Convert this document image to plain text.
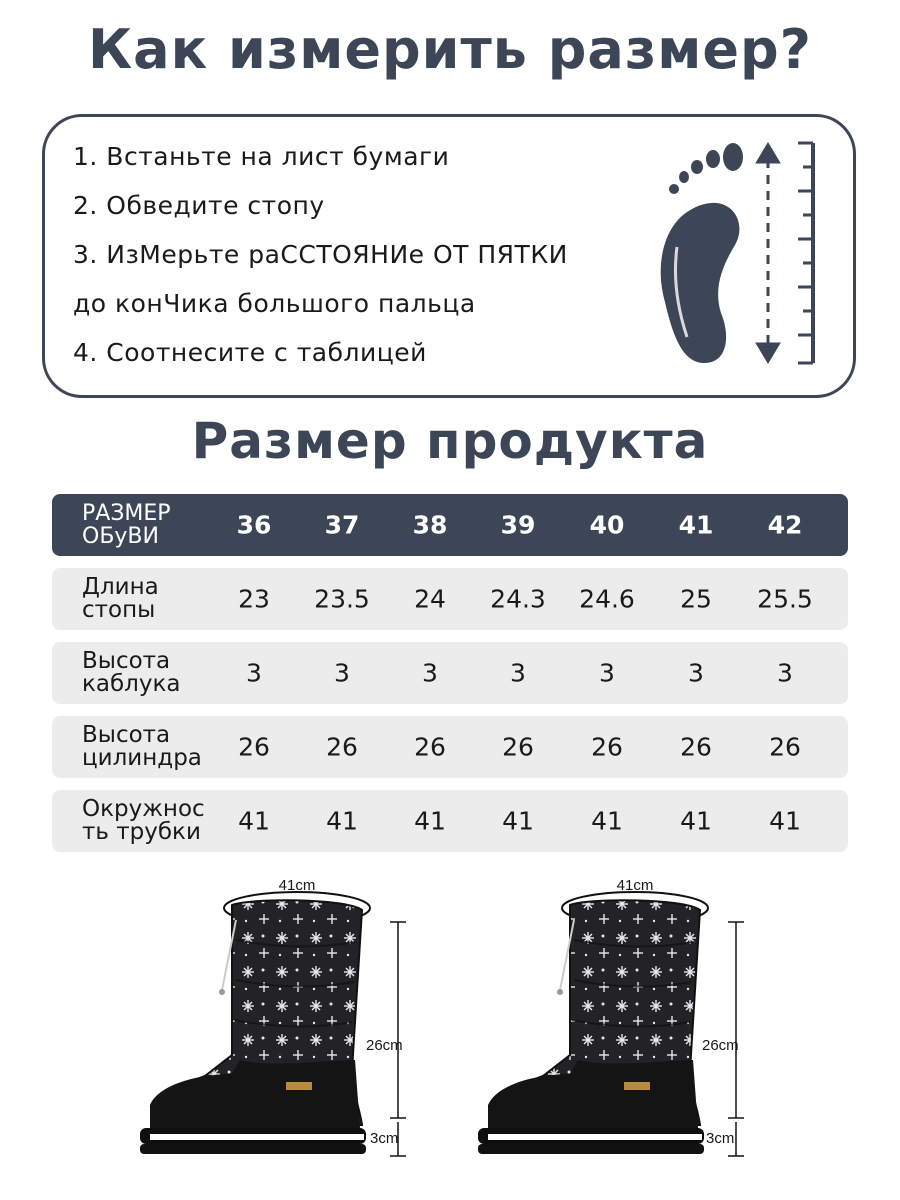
Как измерить размер?
1. Встаньте на лист бумаги
2. Обведите стопу
3. ИзМерьте раССТОЯНИе ОТ ПЯТКИ
до конЧика большого пальца
4. Соотнесите с таблицей
Размер продукта
РАЗМЕР
ОБуВИ	36 37 38 39 40 41 42
Длина
стопы	23 23.5 24 24.3 24.6 25 25.5
Высота
каблука	3	3	3	3	3	3	3
Высота
цилиндра 26 26 26 26 26 26 26
Окружнос
ть трубки 41 41 41 41 41 41 41
41cm
26cm
3cm
41cm
26cm
3cm
